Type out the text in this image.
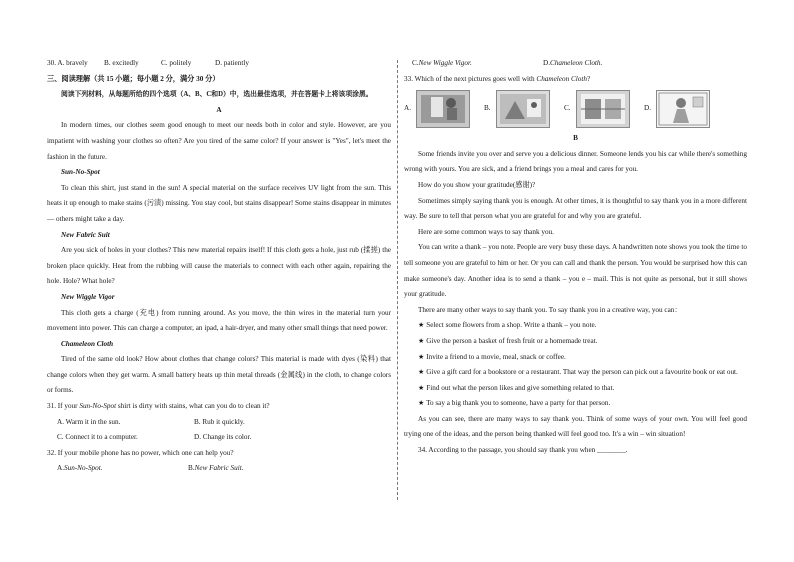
30. A. bravely	B. excitedly	C. politely	D. patiently

三、阅读理解（共 15 小题；每小题 2 分，满分 30 分）

阅读下列材料，从每题所给的四个选项（A、B、C和D）中，选出最佳选项，并在答题卡上将该项涂黑。

A

In modern times, our clothes seem good enough to meet our needs both in color and style. However, are you impatient with washing your clothes so often? Are you tired of the same color? If your answer is "Yes", let's meet the fashion in the future.

Sun-No-Spot

To clean this shirt, just stand in the sun! A special material on the surface receives UV light from the sun. This heats it up enough to make stains (污渍) missing. You stay cool, but stains disappear! Some stains disappear in minutes — others might take a day.

New Fabric Suit

Are you sick of holes in your clothes? This new material repairs itself! If this cloth gets a hole, just rub (揉搓) the broken place quickly. Heat from the rubbing will cause the materials to connect with each other again, repairing the hole. Hole? What hole?

New Wiggle Vigor

This cloth gets a charge (充电) from running around. As you move, the thin wires in the material turn your movement into power. This can charge a computer, an ipad, a hair-dryer, and many other small things that need power.

Chameleon Cloth

Tired of the same old look? How about clothes that change colors? This material is made with dyes (染料) that change colors when they get warm. A small battery heats up thin metal threads (金属线) in the cloth, to change colors or forms.

31. If your Sun-No-Spot shirt is dirty with stains, what can you do to clean it?

A. Warm it in the sun.	B. Rub it quickly.
C. Connect it to a computer.	D. Change its color.

32. If your mobile phone has no power, which one can help you?

A.Sun-No-Spot.	B.New Fabric Suit.
C.New Wiggle Vigor.	D.Chameleon Cloth.

33. Which of the next pictures goes well with Chameleon Cloth?

A.	B.	C.	D.

B

Some friends invite you over and serve you a delicious dinner. Someone lends you his car while there's something wrong with yours. You are sick, and a friend brings you a meal and cares for you.

How do you show your gratitude(感谢)?

Sometimes simply saying thank you is enough. At other times, it is thoughtful to say thank you in a more different way. Be sure to tell that person what you are grateful for and why you are grateful.

Here are some common ways to say thank you.

You can write a thank – you note. People are very busy these days. A handwritten note shows you took the time to tell someone you are grateful to him or her. Or you can call and thank the person. You would be surprised how this can make someone's day. Another idea is to send a thank – you e – mail. This is not quite as personal, but it still shows your gratitude.

There are many other ways to say thank you. To say thank you in a creative way, you can：

★ Select some flowers from a shop. Write a thank – you note.

★ Give the person a basket of fresh fruit or a homemade treat.

★ Invite a friend to a movie, meal, snack or coffee.

★ Give a gift card for a bookstore or a restaurant. That way the person can pick out a favourite book or eat out.

★ Find out what the person likes and give something related to that.

★ To say a big thank you to someone, have a party for that person.

As you can see, there are many ways to say thank you. Think of some ways of your own. You will feel good trying one of the ideas, and the person being thanked will feel good too. It's a win – win situation!

34. According to the passage, you should say thank you when ________.
